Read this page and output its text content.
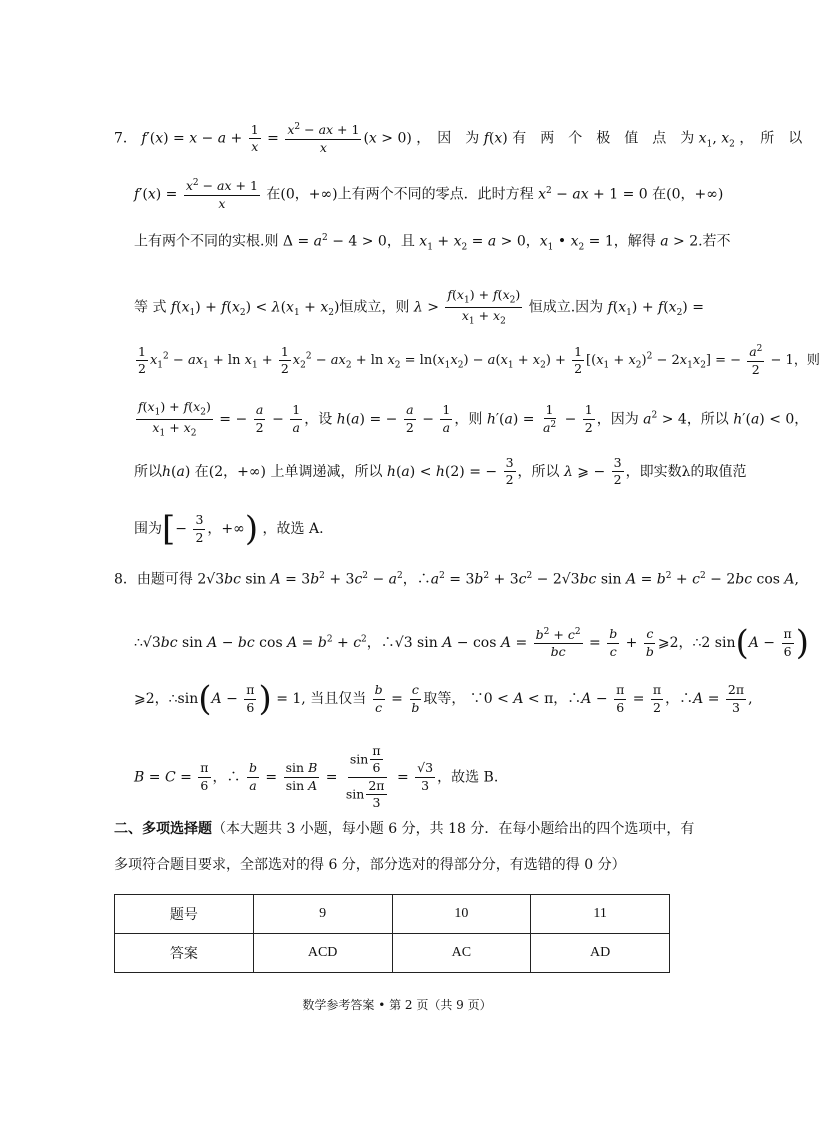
7． $f'(x) = x - a + \frac{1}{x} = \frac{x^2 - ax + 1}{x} (x > 0)$ ，　因　为 f(x) 有　两　个　极　值　点　为 $x_1$, $x_2$ ，　所　以
$f'(x) = \frac{x^2 - ax + 1}{x}$ 在(0，+∞)上有两个不同的零点．此时方程 $x^2$ − ax + 1 = 0 在(0，+∞)
上有两个不同的实根.则 $\Delta = a^2 - 4 > 0$，且 $x_1 + x_2 = a > 0$，$x_1$ • $x_2 = 1$，解得 a > 2.若不
等 式 $f(x_1) + f(x_2) < \lambda(x_1 + x_2)$恒成立，则 $\lambda > \frac{f(x_1) + f(x_2)}{x_1 + x_2}$ 恒成立.因为 $f(x_1) + f(x_2)$ =
$\frac{1}{2} x_1^2 - ax_1 + \ln x_1 + \frac{1}{2} x_2^2 - ax_2 + \ln x_2 = \ln(x_1x_2) - a(x_1 + x_2) + \frac{1}{2} [(x_1 + x_2)^2 - 2x_1x_2]$ = − $\frac{a^2}{2} - 1$，则
$\frac{f(x_1) + f(x_2)}{x_1 + x_2}$ = − $\frac{a}{2} - \frac{1}{a}$ ，设 h(a) = − $\frac{a}{2} - \frac{1}{a}$ ，则 $h'(a) = \frac{1}{a^2} - \frac{1}{2}$ ，因为 $a^2 > 4$，所以 h′(a) < 0，
所以h(a) 在(2，+∞) 上单调递减，所以 h(a) < h(2) = − $\frac{3}{2}$ ，所以 λ ⩾ − $\frac{3}{2}$ ，即实数λ的取值范
围为[− $\frac{3}{2}$ ，+∞) ，故选 A.
8．由题可得 2√3bc $\sin A = 3b^2 + 3c^2 - a^2$，$\therefore a^2 = 3b^2 + 3c^2 - 2√3bc$ $\sin A = b^2 + c^2 - 2bc$ cos A,
∴√3bc sin A − bc $\cos A = b^2 + c^2$，∴√3 $\sin A - \cos A = \frac{b^2 + c^2}{bc} = \frac{b}{c} + \frac{c}{b}$ ⩾2，∴2 $\sin(A - \frac{\pi}{6}$ )
⩾2，∴sin(A − $\frac{\pi}{6}$ ) = 1, 当且仅当 $\frac{b}{c} = \frac{c}{b}$ 取等， ∵0 < A < π，∴A − $\frac{\pi}{6} = \frac{\pi}{2}$ ，∴A = $\frac{2\pi}{3}$ ,
$B = C = \frac{\pi}{6}$ ，∴ $\frac{b}{a} = \frac{\text{sin B}}{\text{sin A}} = \frac{\sin \frac{\pi}{6}}{\sin \frac{2\pi}{3}} = \frac{√3}{3}$ ，故选 B.
二、多项选择题（本大题共 3 小题，每小题 6 分，共 18 分．在每小题给出的四个选项中，有
多项符合题目要求，全部选对的得 6 分，部分选对的得部分分，有选错的得 0 分）
题号	9	10	11
答案	ACD	AC	AD
数学参考答案 • 第 2 页（共 9 页）
